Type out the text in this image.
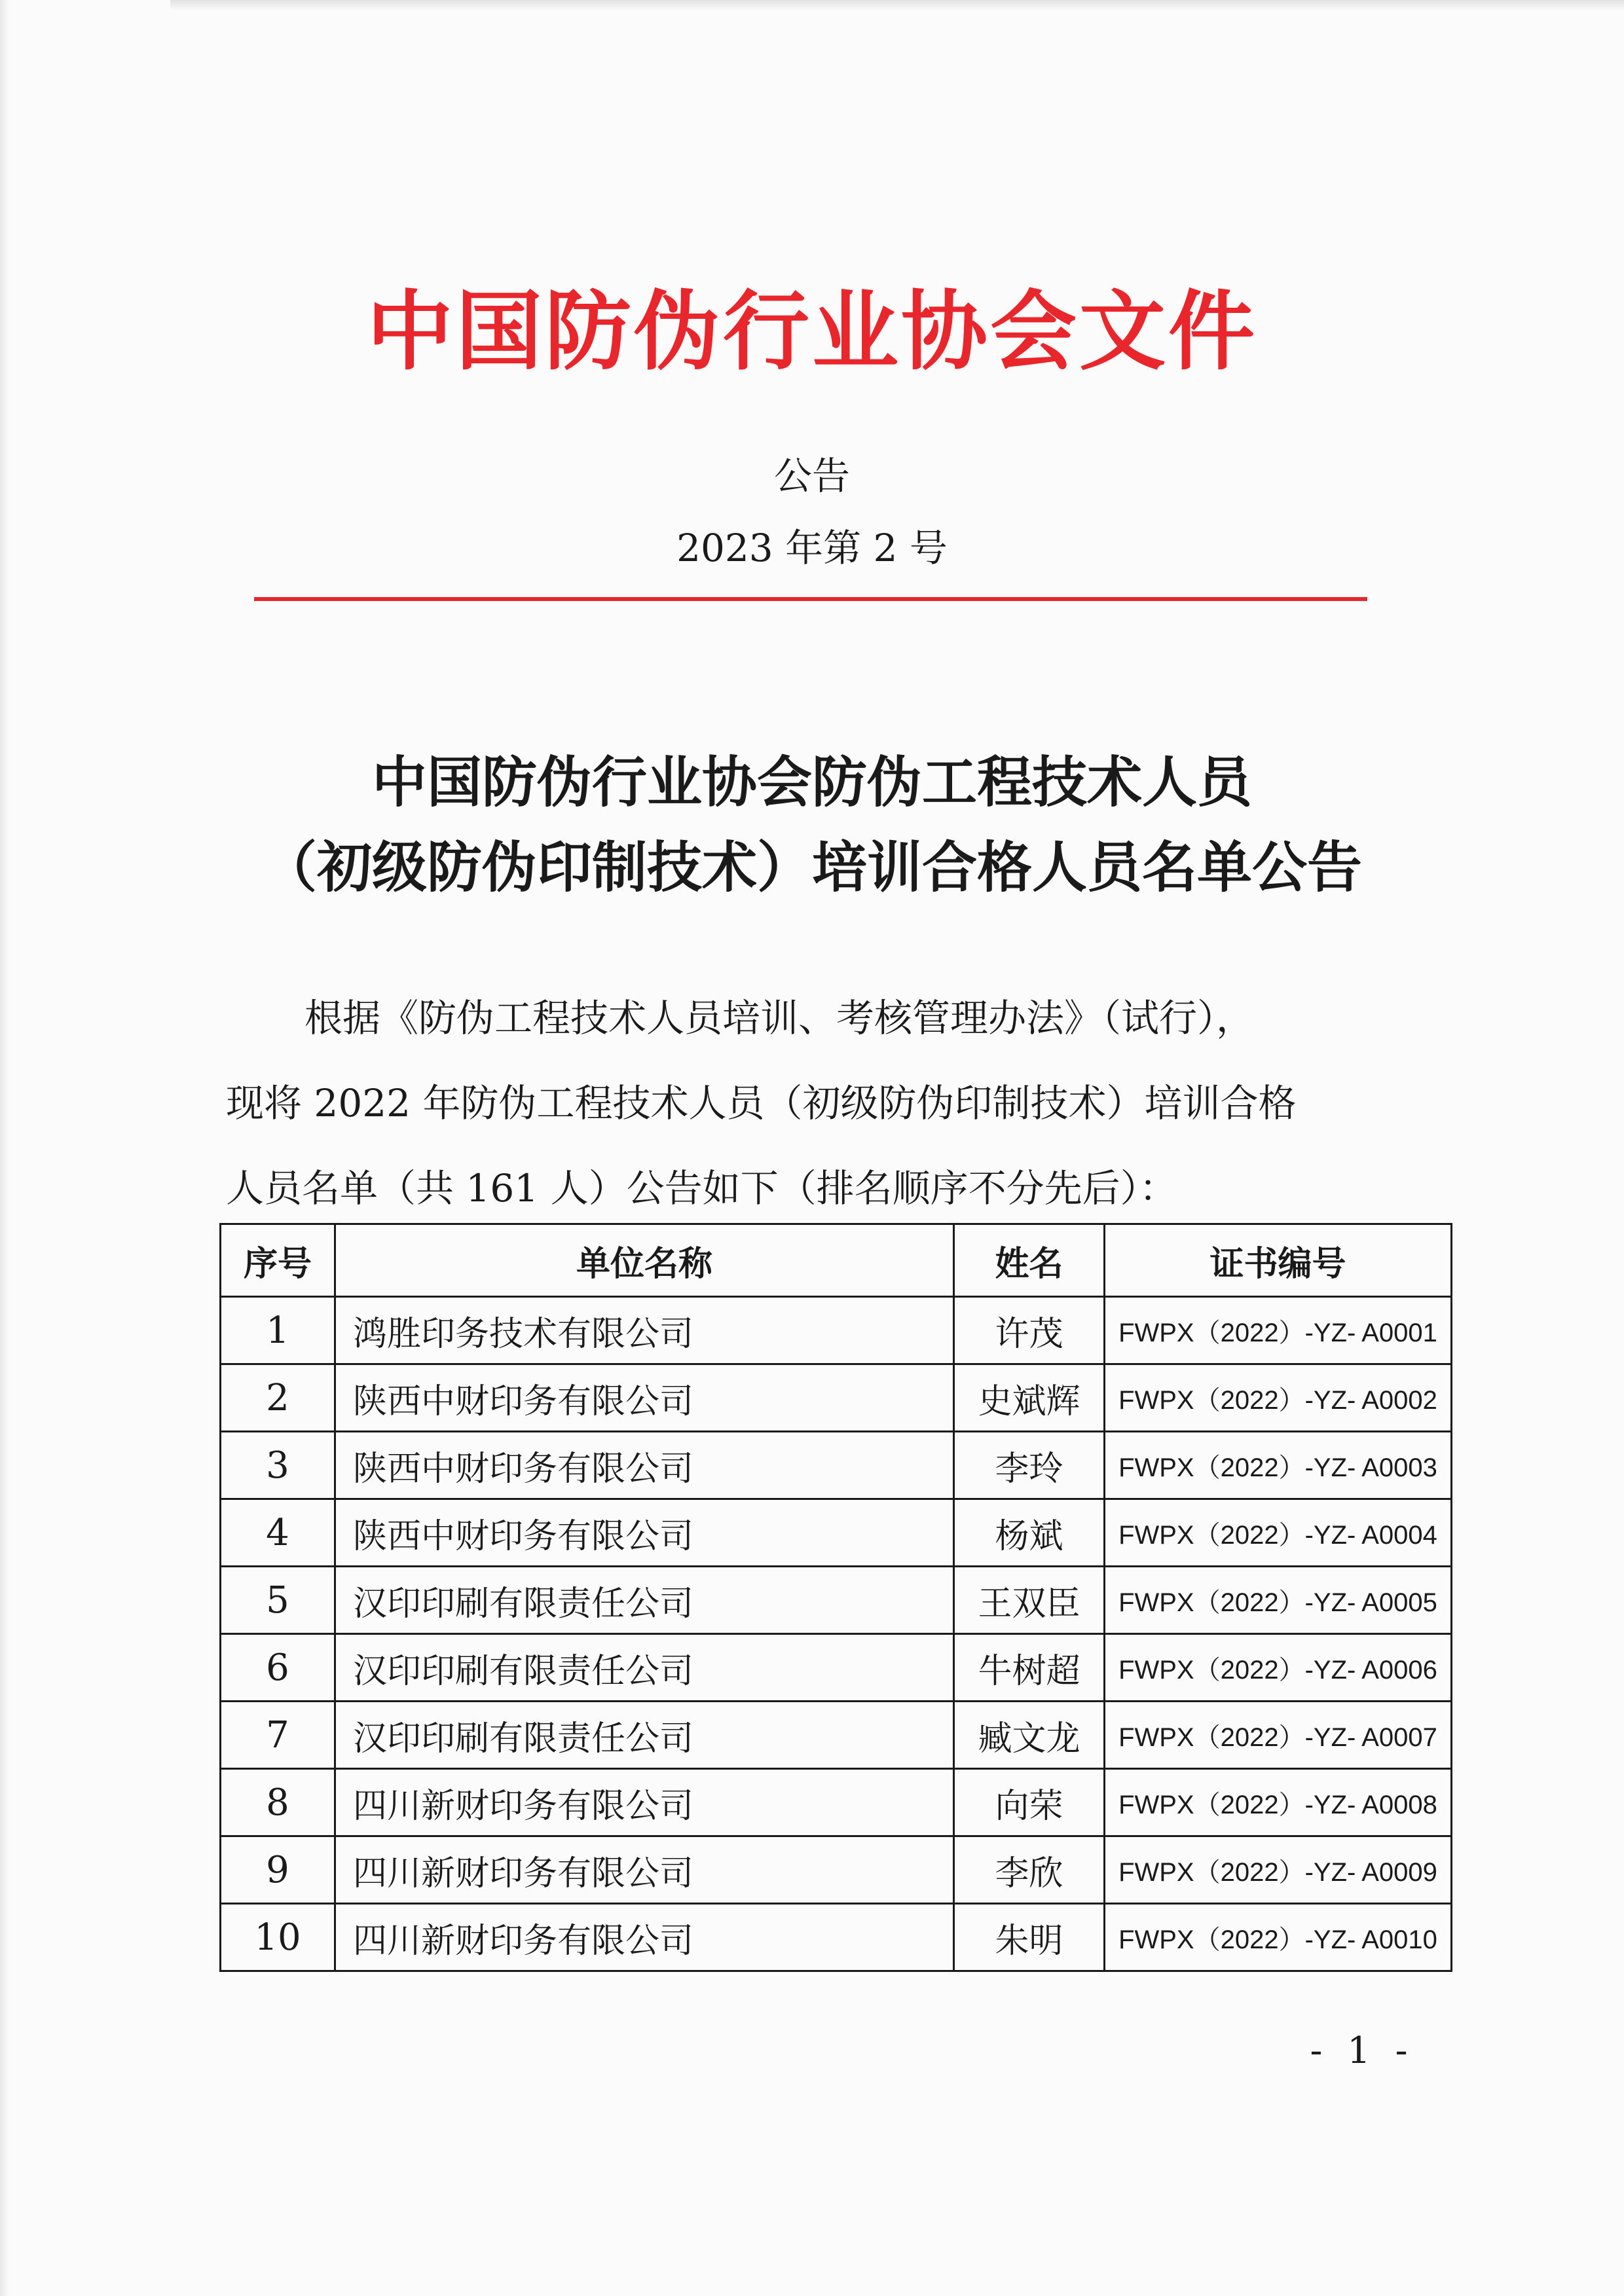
中国防伪行业协会文件
公告
2023 年第 2 号
中国防伪行业协会防伪工程技术人员
（初级防伪印制技术）培训合格人员名单公告
根据《防伪工程技术人员培训、考核管理办法》（试行），
现将 2022 年防伪工程技术人员（初级防伪印制技术）培训合格
人员名单（共 161 人）公告如下（排名顺序不分先后）：
序号	单位名称	姓名	证书编号
1	鸿胜印务技术有限公司	许茂	FWPX（2022）-YZ- A0001
2	陕西中财印务有限公司	史斌辉	FWPX（2022）-YZ- A0002
3	陕西中财印务有限公司	李玲	FWPX（2022）-YZ- A0003
4	陕西中财印务有限公司	杨斌	FWPX（2022）-YZ- A0004
5	汉印印刷有限责任公司	王双臣	FWPX（2022）-YZ- A0005
6	汉印印刷有限责任公司	牛树超	FWPX（2022）-YZ- A0006
7	汉印印刷有限责任公司	臧文龙	FWPX（2022）-YZ- A0007
8	四川新财印务有限公司	向荣	FWPX（2022）-YZ- A0008
9	四川新财印务有限公司	李欣	FWPX（2022）-YZ- A0009
10	四川新财印务有限公司	朱明	FWPX（2022）-YZ- A0010
- 1 -
